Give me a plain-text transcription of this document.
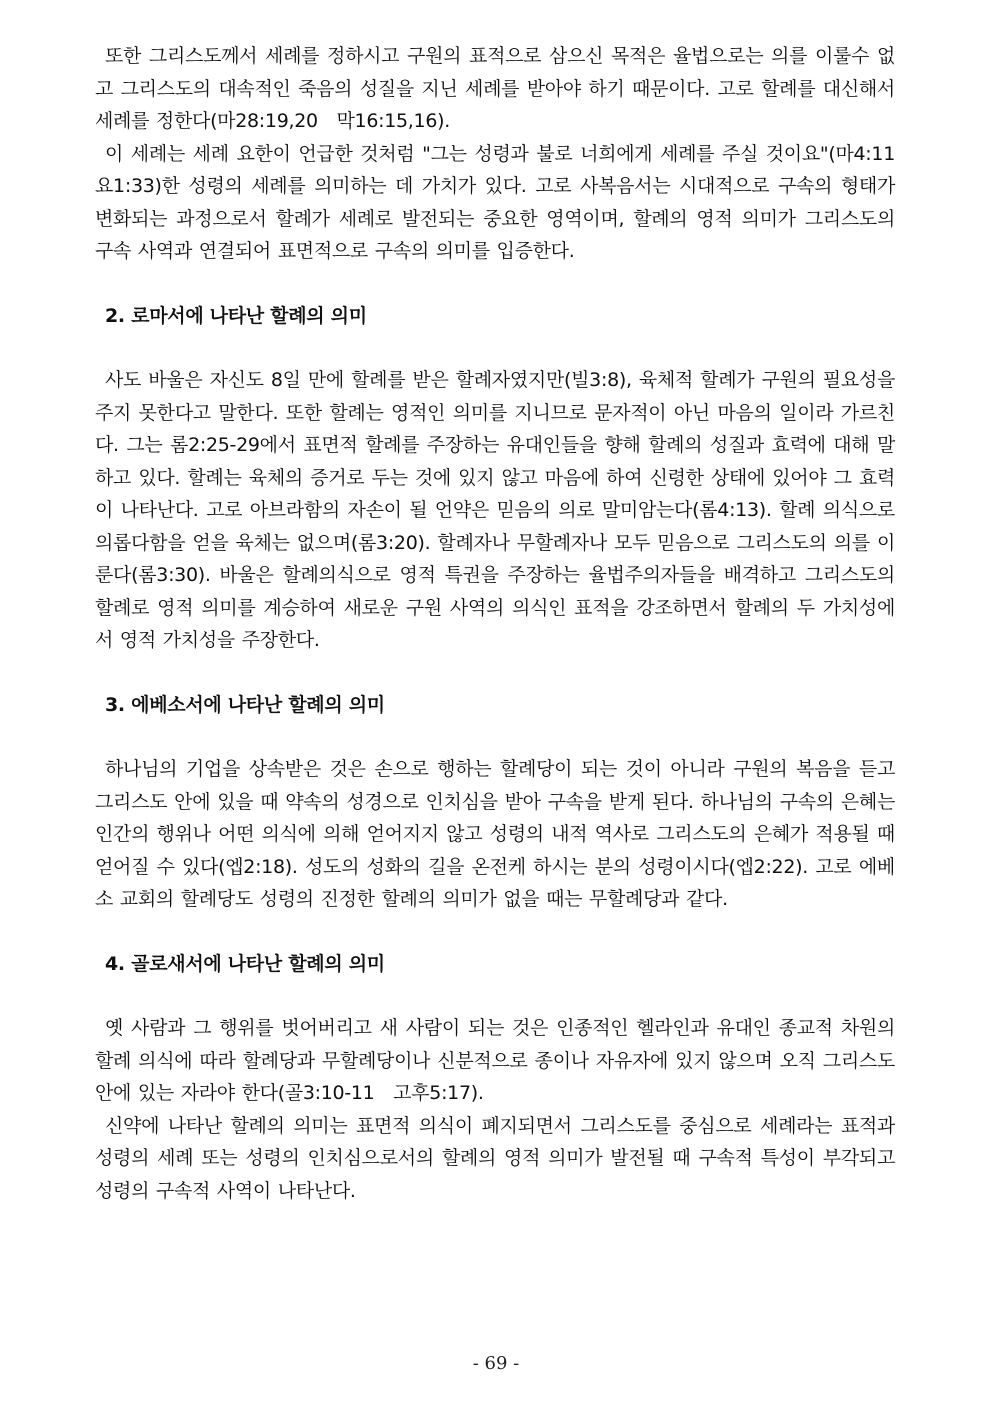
또한 그리스도께서 세례를 정하시고 구원의 표적으로 삼으신 목적은 율법으로는 의를 이룰수 없고 그리스도의 대속적인 죽음의 성질을 지닌 세례를 받아야 하기 때문이다. 고로 할례를 대신해서 세례를 정한다(마28:19,20　막16:15,16).

이 세례는 세례 요한이 언급한 것처럼 "그는 성령과 불로 너희에게 세례를 주실 것이요"(마4:11　요1:33)한 성령의 세례를 의미하는 데 가치가 있다. 고로 사복음서는 시대적으로 구속의 형태가 변화되는 과정으로서 할례가 세례로 발전되는 중요한 영역이며, 할례의 영적 의미가 그리스도의 구속 사역과 연결되어 표면적으로 구속의 의미를 입증한다.

2. 로마서에 나타난 할례의 의미

사도 바울은 자신도 8일 만에 할례를 받은 할례자였지만(빌3:8), 육체적 할례가 구원의 필요성을 주지 못한다고 말한다. 또한 할례는 영적인 의미를 지니므로 문자적이 아닌 마음의 일이라 가르친다. 그는 롬2:25-29에서 표면적 할례를 주장하는 유대인들을 향해 할례의 성질과 효력에 대해 말하고 있다. 할례는 육체의 증거로 두는 것에 있지 않고 마음에 하여 신령한 상태에 있어야 그 효력이 나타난다. 고로 아브라함의 자손이 될 언약은 믿음의 의로 말미암는다(롬4:13). 할례 의식으로 의롭다함을 얻을 육체는 없으며(롬3:20). 할례자나 무할례자나 모두 믿음으로 그리스도의 의를 이룬다(롬3:30). 바울은 할례의식으로 영적 특권을 주장하는 율법주의자들을 배격하고 그리스도의 할례로 영적 의미를 계승하여 새로운 구원 사역의 의식인 표적을 강조하면서 할례의 두 가치성에서 영적 가치성을 주장한다.

3. 에베소서에 나타난 할례의 의미

하나님의 기업을 상속받은 것은 손으로 행하는 할례당이 되는 것이 아니라 구원의 복음을 듣고 그리스도 안에 있을 때 약속의 성경으로 인치심을 받아 구속을 받게 된다. 하나님의 구속의 은혜는 인간의 행위나 어떤 의식에 의해 얻어지지 않고 성령의 내적 역사로 그리스도의 은혜가 적용될 때 얻어질 수 있다(엡2:18). 성도의 성화의 길을 온전케 하시는 분의 성령이시다(엡2:22). 고로 에베소 교회의 할례당도 성령의 진정한 할례의 의미가 없을 때는 무할례당과 같다.

4. 골로새서에 나타난 할례의 의미

옛 사람과 그 행위를 벗어버리고 새 사람이 되는 것은 인종적인 헬라인과 유대인 종교적 차원의 할례 의식에 따라 할례당과 무할례당이나 신분적으로 종이나 자유자에 있지 않으며 오직 그리스도 안에 있는 자라야 한다(골3:10-11　고후5:17).

신약에 나타난 할례의 의미는 표면적 의식이 폐지되면서 그리스도를 중심으로 세례라는 표적과 성령의 세례 또는 성령의 인치심으로서의 할례의 영적 의미가 발전될 때 구속적 특성이 부각되고 성령의 구속적 사역이 나타난다.

- 69 -
